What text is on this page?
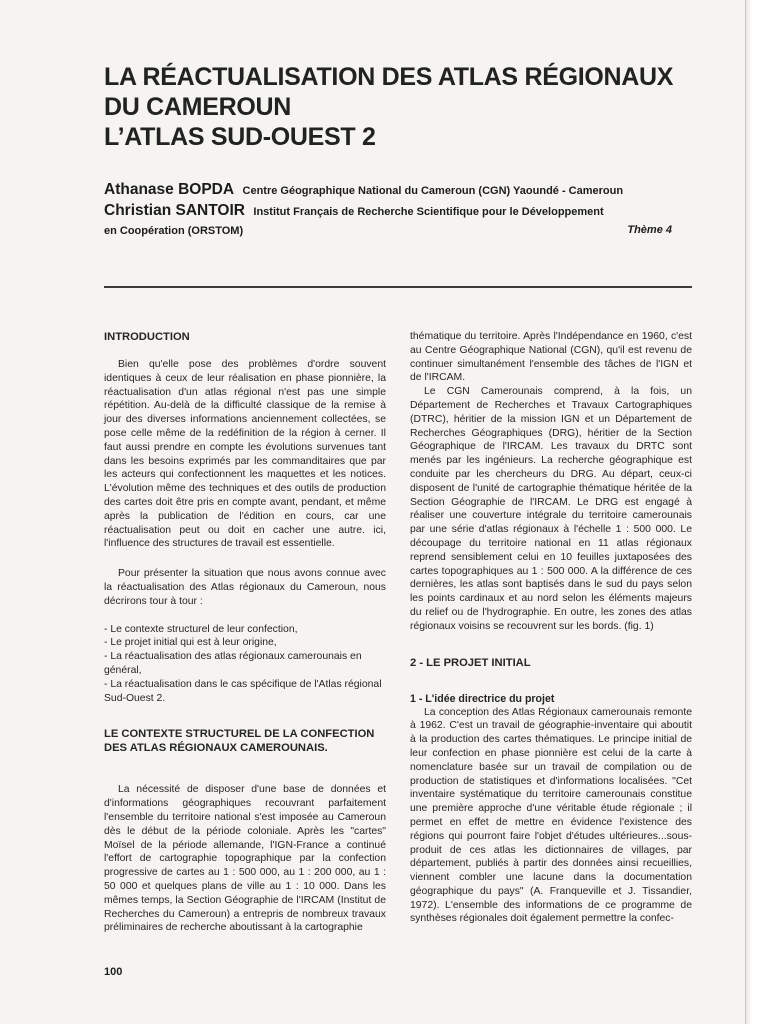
LA RÉACTUALISATION DES ATLAS RÉGIONAUX
DU CAMEROUN
L’ATLAS SUD-OUEST 2
Athanase BOPDA Centre Géographique National du Cameroun (CGN) Yaoundé - Cameroun
Christian SANTOIR Institut Français de Recherche Scientifique pour le Développement
en Coopération (ORSTOM)	Thème 4
INTRODUCTION

Bien qu'elle pose des problèmes d'ordre souvent identiques à ceux de leur réalisation en phase pionnière, la réactualisation d'un atlas régional n'est pas une simple répétition. Au-delà de la difficulté classique de la remise à jour des diverses informations anciennement collectées, se pose celle même de la redéfinition de la région à cerner. Il faut aussi prendre en compte les évolutions survenues tant dans les besoins exprimés par les commanditaires que par les acteurs qui confectionnent les maquettes et les notices. L'évolution même des techniques et des outils de production des cartes doit être pris en compte avant, pendant, et même après la publication de l'édition en cours, car une réactualisation peut ou doit en cacher une autre. ici, l'influence des structures de travail est essentielle.

Pour présenter la situation que nous avons connue avec la réactualisation des Atlas régionaux du Cameroun, nous décrirons tour à tour :

- Le contexte structurel de leur confection,
- Le projet initial qui est à leur origine,
- La réactualisation des atlas régionaux camerounais en général,
- La réactualisation dans le cas spécifique de l'Atlas régional Sud-Ouest 2.
LE CONTEXTE STRUCTUREL DE LA CONFECTION DES ATLAS RÉGIONAUX CAMEROUNAIS.

La nécessité de disposer d'une base de données et d'informations géographiques recouvrant parfaitement l'ensemble du territoire national s'est imposée au Cameroun dès le début de la période coloniale. Après les "cartes" Moïsel de la période allemande, l'IGN-France a continué l'effort de cartographie topographique par la confection progressive de cartes au 1 : 500 000, au 1 : 200 000, au 1 : 50 000 et quelques plans de ville au 1 : 10 000. Dans les mêmes temps, la Section Géographie de l'IRCAM (Institut de Recherches du Cameroun) a entrepris de nombreux travaux préliminaires de recherche aboutissant à la cartographie

thématique du territoire. Après l'Indépendance en 1960, c'est au Centre Géographique National (CGN), qu'il est revenu de continuer simultanément l'ensemble des tâches de l'IGN et de l'IRCAM.

Le CGN Camerounais comprend, à la fois, un Département de Recherches et Travaux Cartographiques (DTRC), héritier de la mission IGN et un Département de Recherches Géographiques (DRG), héritier de la Section Géographique de l'IRCAM. Les travaux du DRTC sont menés par les ingénieurs. La recherche géographique est conduite par les chercheurs du DRG. Au départ, ceux-ci disposent de l'unité de cartographie thématique héritée de la Section Géographie de l'IRCAM. Le DRG est engagé à réaliser une couverture intégrale du territoire camerounais par une série d'atlas régionaux à l'échelle 1 : 500 000. Le découpage du territoire national en 11 atlas régionaux reprend sensiblement celui en 10 feuilles juxtaposées des cartes topographiques au 1 : 500 000. A la différence de ces dernières, les atlas sont baptisés dans le sud du pays selon les points cardinaux et au nord selon les éléments majeurs du relief ou de l'hydrographie. En outre, les zones des atlas régionaux voisins se recouvrent sur les bords. (fig. 1)

2 - LE PROJET INITIAL
1 - L'idée directrice du projet

La conception des Atlas Régionaux camerounais remonte à 1962. C'est un travail de géographie-inventaire qui aboutit à la production des cartes thématiques. Le principe initial de leur confection en phase pionnière est celui de la carte à nomenclature basée sur un travail de compilation ou de production de statistiques et d'informations localisées. "Cet inventaire systématique du territoire camerounais constitue une première approche d'une véritable étude régionale ; il permet en effet de mettre en évidence l'existence des régions qui pourront faire l'objet d'études ultérieures...sous-produit de ces atlas les dictionnaires de villages, par département, publiés à partir des données ainsi recueillies, viennent combler une lacune dans la documentation géographique du pays" (A. Franqueville et J. Tissandier, 1972). L'ensemble des informations de ce programme de synthèses régionales doit également permettre la confec-

100
